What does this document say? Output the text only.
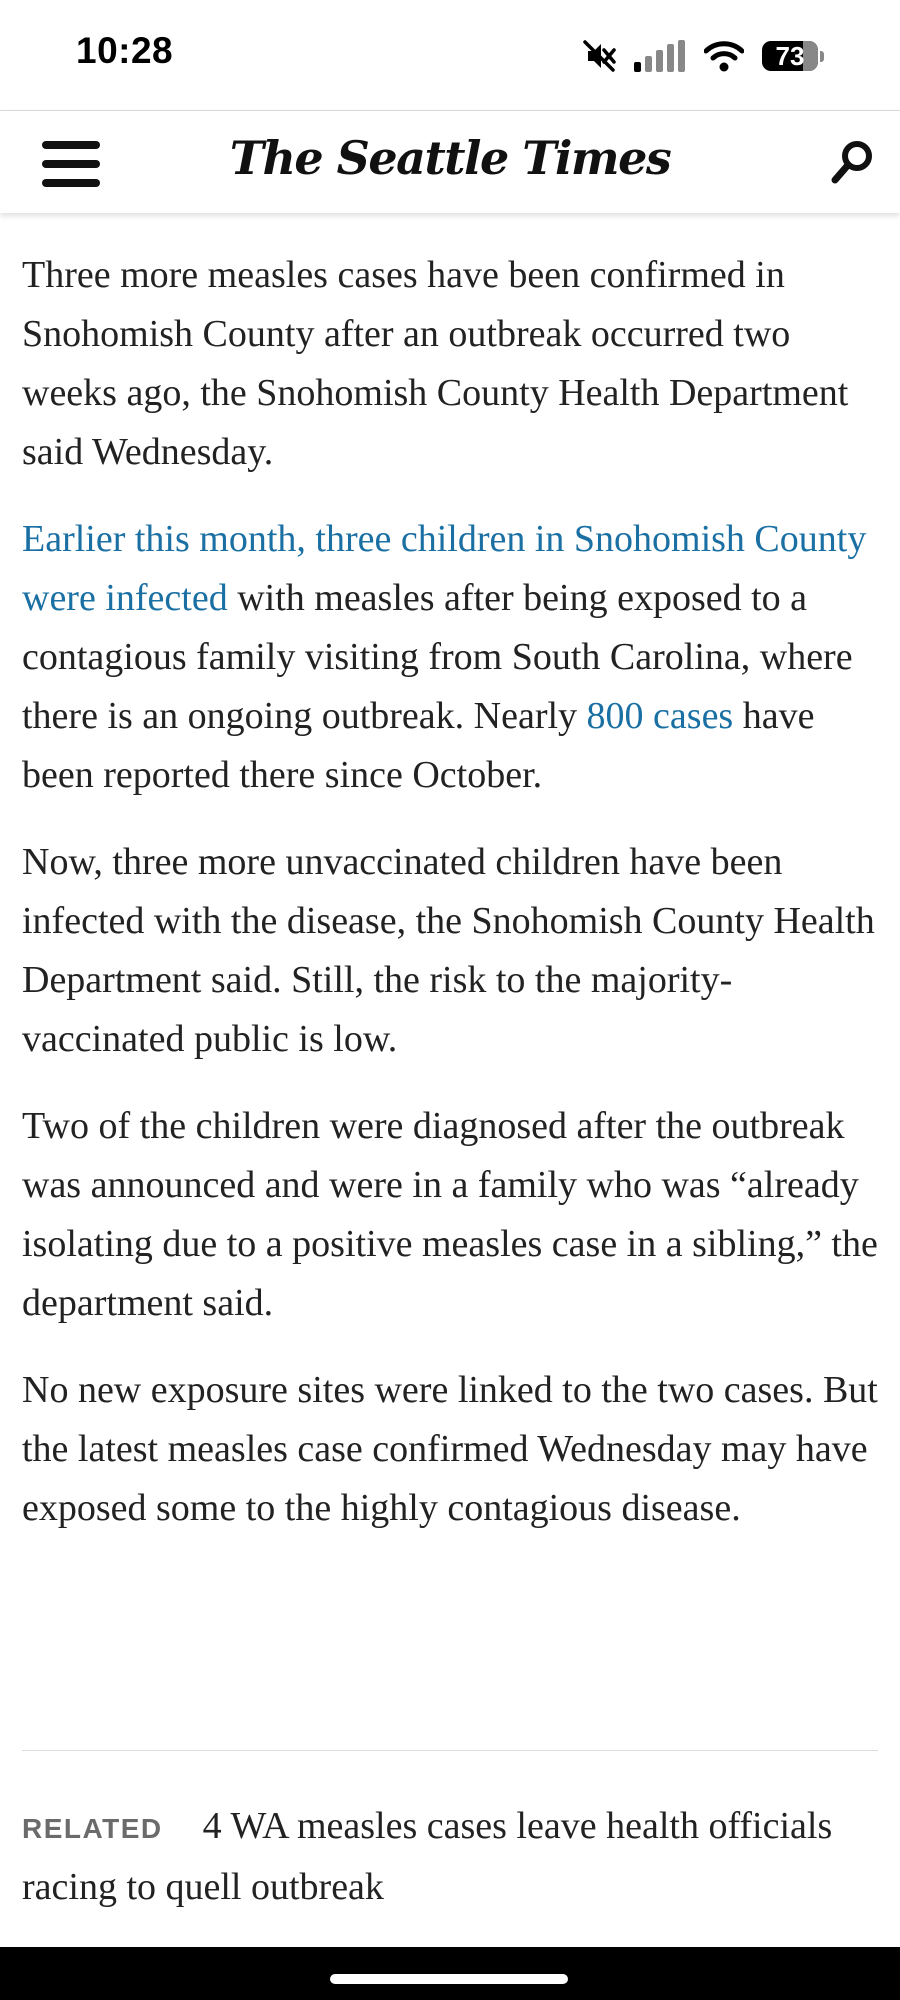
10:28	73
The Seattle Times

Three more measles cases have been confirmed in Snohomish County after an outbreak occurred two weeks ago, the Snohomish County Health Department said Wednesday.

Earlier this month, three children in Snohomish County were infected with measles after being exposed to a contagious family visiting from South Carolina, where there is an ongoing outbreak. Nearly 800 cases have been reported there since October.

Now, three more unvaccinated children have been infected with the disease, the Snohomish County Health Department said. Still, the risk to the majority-vaccinated public is low.

Two of the children were diagnosed after the outbreak was announced and were in a family who was “already isolating due to a positive measles case in a sibling,” the department said.

No new exposure sites were linked to the two cases. But the latest measles case confirmed Wednesday may have exposed some to the highly contagious disease.

RELATED 4 WA measles cases leave health officials racing to quell outbreak
